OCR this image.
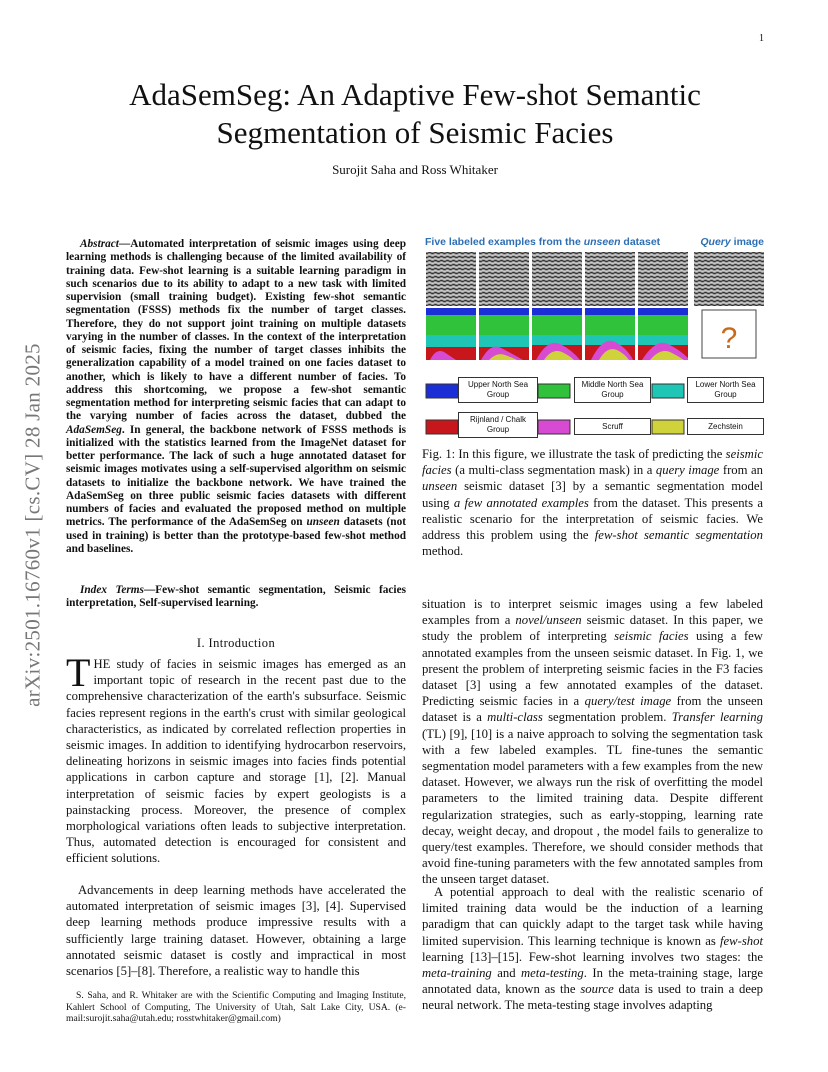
1
arXiv:2501.16760v1 [cs.CV] 28 Jan 2025
AdaSemSeg: An Adaptive Few-shot Semantic
Segmentation of Seismic Facies
Surojit Saha and Ross Whitaker
Abstract—Automated interpretation of seismic images using deep learning methods is challenging because of the limited availability of training data. Few-shot learning is a suitable learning paradigm in such scenarios due to its ability to adapt to a new task with limited supervision (small training budget). Existing few-shot semantic segmentation (FSSS) methods fix the number of target classes. Therefore, they do not support joint training on multiple datasets varying in the number of classes. In the context of the interpretation of seismic facies, fixing the number of target classes inhibits the generalization capability of a model trained on one facies dataset to another, which is likely to have a different number of facies. To address this shortcoming, we propose a few-shot semantic segmentation method for interpreting seismic facies that can adapt to the varying number of facies across the dataset, dubbed the AdaSemSeg. In general, the backbone network of FSSS methods is initialized with the statistics learned from the ImageNet dataset for better performance. The lack of such a huge annotated dataset for seismic images motivates using a self-supervised algorithm on seismic datasets to initialize the backbone network. We have trained the AdaSemSeg on three public seismic facies datasets with different numbers of facies and evaluated the proposed method on multiple metrics. The performance of the AdaSemSeg on unseen datasets (not used in training) is better than the prototype-based few-shot method and baselines.
Index Terms—Few-shot semantic segmentation, Seismic facies interpretation, Self-supervised learning.
I. Introduction
THE study of facies in seismic images has emerged as an important topic of research in the recent past due to the comprehensive characterization of the earth's subsurface. Seismic facies represent regions in the earth's crust with similar geological characteristics, as indicated by correlated reflection properties in seismic images. In addition to identifying hydrocarbon reservoirs, delineating horizons in seismic images into facies finds potential applications in carbon capture and storage [1], [2]. Manual interpretation of seismic facies by expert geologists is a painstacking process. Moreover, the presence of complex morphological variations often leads to subjective interpretation. Thus, automated detection is encouraged for consistent and efficient solutions.
Advancements in deep learning methods have accelerated the automated interpretation of seismic images [3], [4]. Supervised deep learning methods produce impressive results with a sufficiently large training dataset. However, obtaining a large annotated seismic dataset is costly and impractical in most scenarios [5]–[8]. Therefore, a realistic way to handle this
S. Saha, and R. Whitaker are with the Scientific Computing and Imaging Institute, Kahlert School of Computing, The University of Utah, Salt Lake City, USA. (e-mail:surojit.saha@utah.edu; rosstwhitaker@gmail.com)
Five labeled examples from the unseen dataset	Query image
?
Upper North Sea Group
Middle North Sea Group
Lower North Sea Group
Rijnland / Chalk Group	Scruff	Zechstein
Fig. 1: In this figure, we illustrate the task of predicting the seismic facies (a multi-class segmentation mask) in a query image from an unseen seismic dataset [3] by a semantic segmentation model using a few annotated examples from the dataset. This presents a realistic scenario for the interpretation of seismic facies. We address this problem using the few-shot semantic segmentation method.
situation is to interpret seismic images using a few labeled examples from a novel/unseen seismic dataset. In this paper, we study the problem of interpreting seismic facies using a few annotated examples from the unseen seismic dataset. In Fig. 1, we present the problem of interpreting seismic facies in the F3 facies dataset [3] using a few annotated examples of the dataset. Predicting seismic facies in a query/test image from the unseen dataset is a multi-class segmentation problem. Transfer learning (TL) [9], [10] is a naive approach to solving the segmentation task with a few labeled examples. TL fine-tunes the semantic segmentation model parameters with a few examples from the new dataset. However, we always run the risk of overfitting the model parameters to the limited training data. Despite different regularization strategies, such as early-stopping, learning rate decay, weight decay, and dropout , the model fails to generalize to query/test examples. Therefore, we should consider methods that avoid fine-tuning parameters with the few annotated samples from the unseen target dataset.
A potential approach to deal with the realistic scenario of limited training data would be the induction of a learning paradigm that can quickly adapt to the target task while having limited supervision. This learning technique is known as few-shot learning [13]–[15]. Few-shot learning involves two stages: the meta-training and meta-testing. In the meta-training stage, large annotated data, known as the source data is used to train a deep neural network. The meta-testing stage involves adapting
